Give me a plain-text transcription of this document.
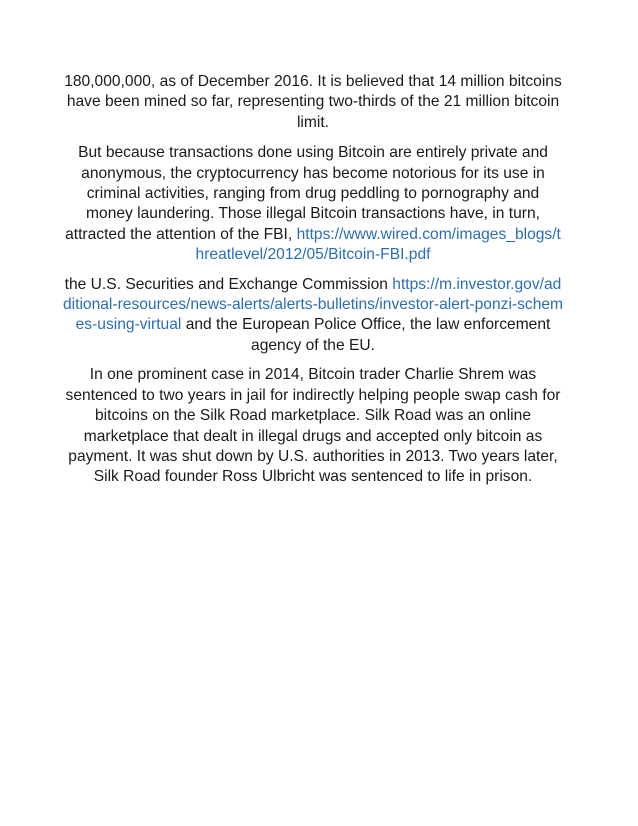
180,000,000, as of December 2016. It is believed that 14 million bitcoins have been mined so far, representing two-thirds of the 21 million bitcoin limit.

But because transactions done using Bitcoin are entirely private and anonymous, the cryptocurrency has become notorious for its use in criminal activities, ranging from drug peddling to pornography and money laundering. Those illegal Bitcoin transactions have, in turn, attracted the attention of the FBI, https://www.wired.com/images_blogs/threatlevel/2012/05/Bitcoin-FBI.pdf

the U.S. Securities and Exchange Commission https://m.investor.gov/additional-resources/news-alerts/alerts-bulletins/investor-alert-ponzi-schemes-using-virtual and the European Police Office, the law enforcement agency of the EU.

In one prominent case in 2014, Bitcoin trader Charlie Shrem was sentenced to two years in jail for indirectly helping people swap cash for bitcoins on the Silk Road marketplace. Silk Road was an online marketplace that dealt in illegal drugs and accepted only bitcoin as payment. It was shut down by U.S. authorities in 2013. Two years later, Silk Road founder Ross Ulbricht was sentenced to life in prison.
